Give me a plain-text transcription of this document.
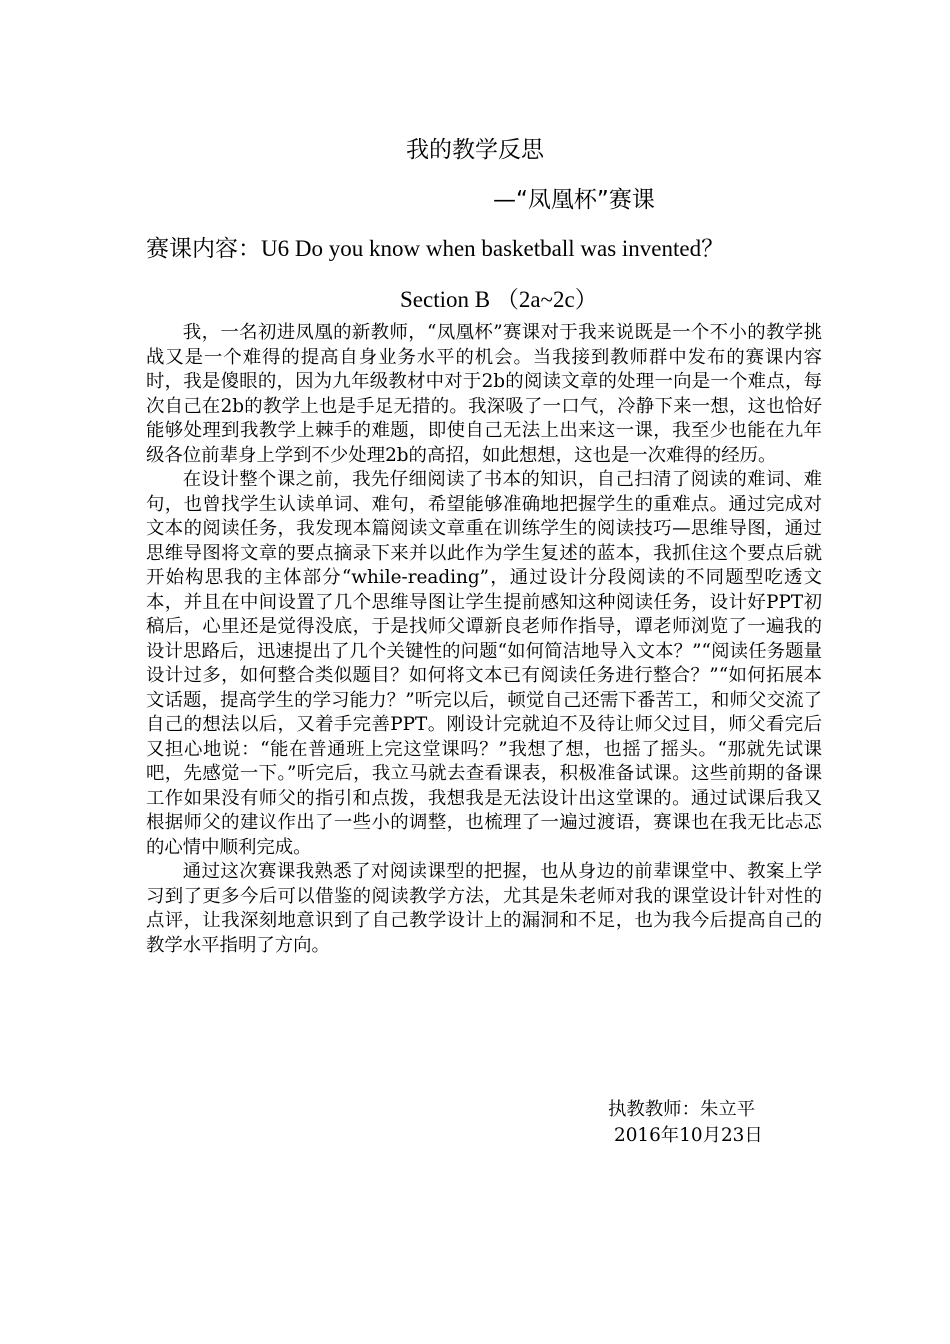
我的教学反思
—“凤凰杯”赛课
赛课内容：U6 Do you know when basketball was invented？
Section B （2a~2c）

我，一名初进凤凰的新教师，“凤凰杯”赛课对于我来说既是一个不小的教学挑战又是一个难得的提高自身业务水平的机会。当我接到教师群中发布的赛课内容时，我是傻眼的，因为九年级教材中对于2b的阅读文章的处理一向是一个难点，每次自己在2b的教学上也是手足无措的。我深吸了一口气，冷静下来一想，这也恰好能够处理到我教学上棘手的难题，即使自己无法上出来这一课，我至少也能在九年级各位前辈身上学到不少处理2b的高招，如此想想，这也是一次难得的经历。

在设计整个课之前，我先仔细阅读了书本的知识，自己扫清了阅读的难词、难句，也曾找学生认读单词、难句，希望能够准确地把握学生的重难点。通过完成对文本的阅读任务，我发现本篇阅读文章重在训练学生的阅读技巧—思维导图，通过思维导图将文章的要点摘录下来并以此作为学生复述的蓝本，我抓住这个要点后就开始构思我的主体部分“while-reading”，通过设计分段阅读的不同题型吃透文本，并且在中间设置了几个思维导图让学生提前感知这种阅读任务，设计好PPT初稿后，心里还是觉得没底，于是找师父谭新良老师作指导，谭老师浏览了一遍我的设计思路后，迅速提出了几个关键性的问题“如何简洁地导入文本？”“阅读任务题量设计过多，如何整合类似题目？如何将文本已有阅读任务进行整合？”“如何拓展本文话题，提高学生的学习能力？”听完以后，顿觉自己还需下番苦工，和师父交流了自己的想法以后，又着手完善PPT。刚设计完就迫不及待让师父过目，师父看完后又担心地说：“能在普通班上完这堂课吗？”我想了想，也摇了摇头。“那就先试课吧，先感觉一下。”听完后，我立马就去查看课表，积极准备试课。这些前期的备课工作如果没有师父的指引和点拨，我想我是无法设计出这堂课的。通过试课后我又根据师父的建议作出了一些小的调整，也梳理了一遍过渡语，赛课也在我无比忐忑的心情中顺利完成。

通过这次赛课我熟悉了对阅读课型的把握，也从身边的前辈课堂中、教案上学习到了更多今后可以借鉴的阅读教学方法，尤其是朱老师对我的课堂设计针对性的点评，让我深刻地意识到了自己教学设计上的漏洞和不足，也为我今后提高自己的教学水平指明了方向。

执教教师：朱立平
2016年10月23日
